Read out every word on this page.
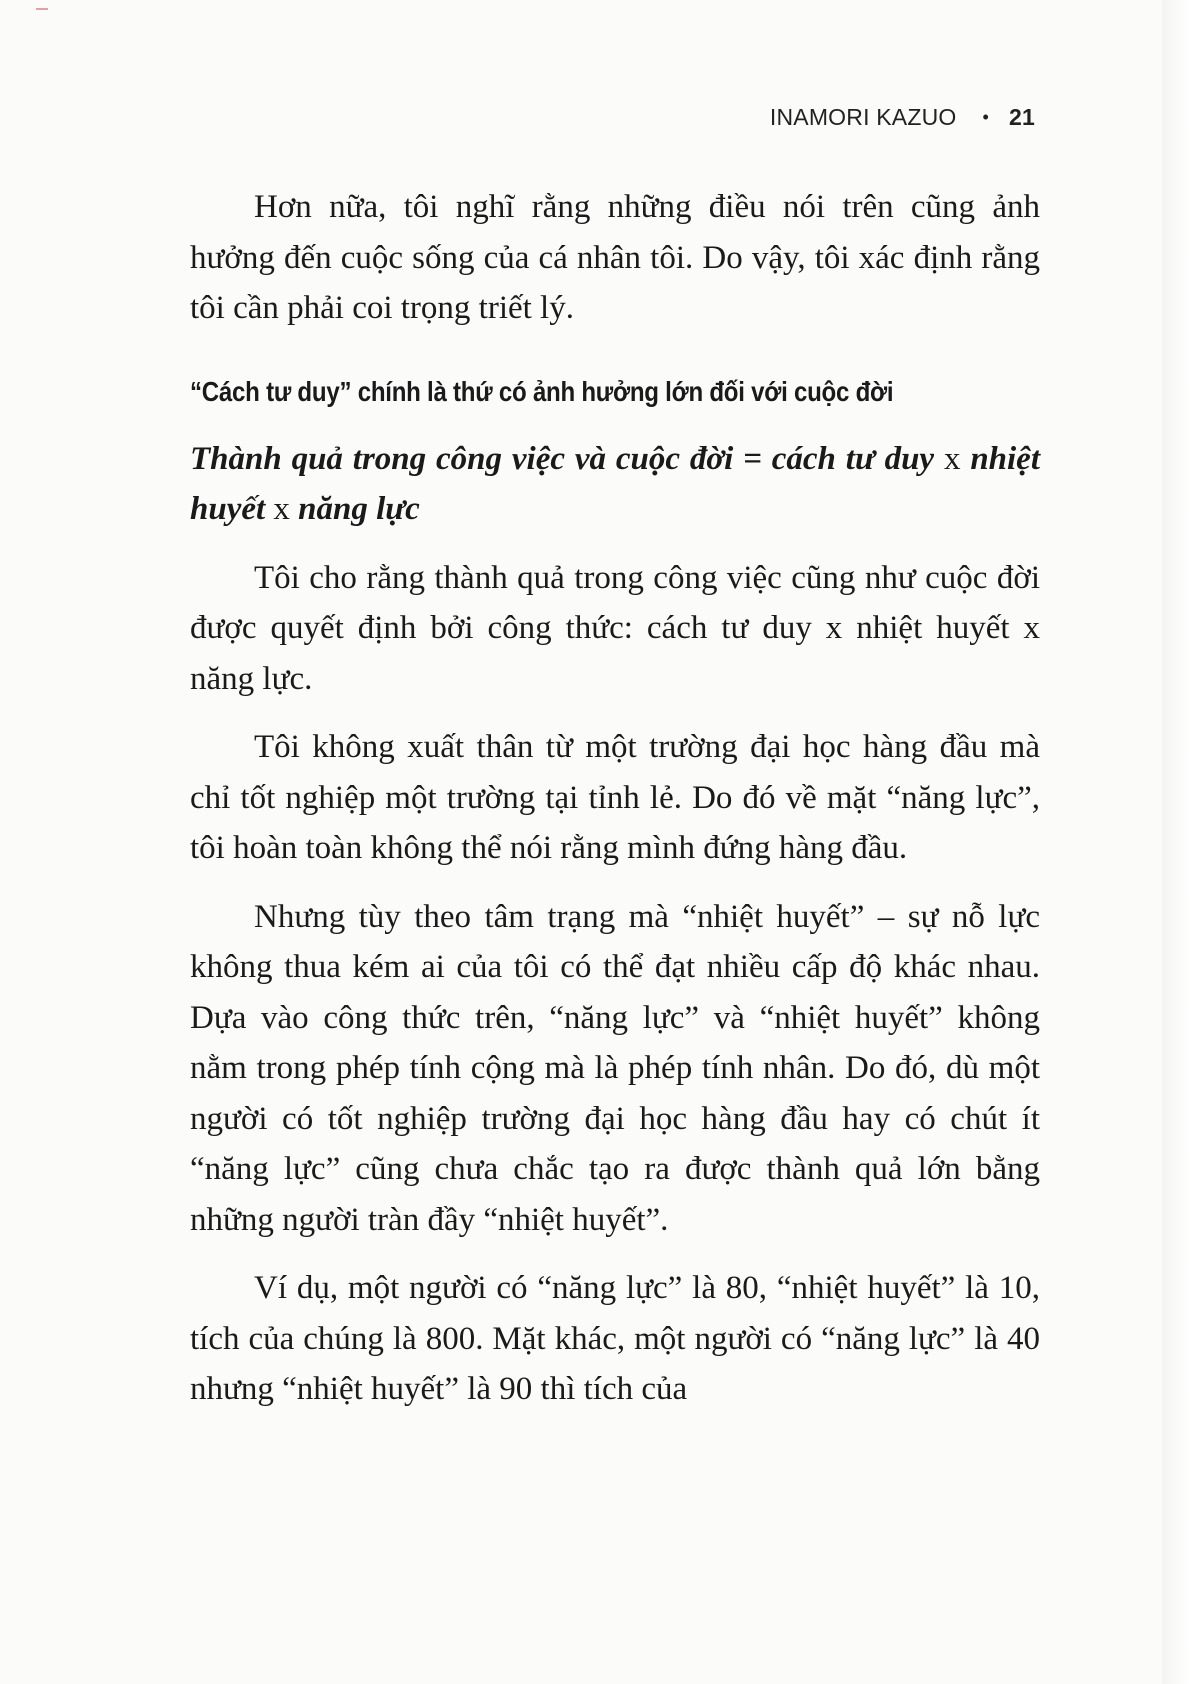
INAMORI KAZUO • 21

Hơn nữa, tôi nghĩ rằng những điều nói trên cũng ảnh hưởng đến cuộc sống của cá nhân tôi. Do vậy, tôi xác định rằng tôi cần phải coi trọng triết lý.

“Cách tư duy” chính là thứ có ảnh hưởng lớn đối với cuộc đời
Thành quả trong công việc và cuộc đời = cách tư duy x nhiệt huyết x năng lực

Tôi cho rằng thành quả trong công việc cũng như cuộc đời được quyết định bởi công thức: cách tư duy x nhiệt huyết x năng lực.

Tôi không xuất thân từ một trường đại học hàng đầu mà chỉ tốt nghiệp một trường tại tỉnh lẻ. Do đó về mặt “năng lực”, tôi hoàn toàn không thể nói rằng mình đứng hàng đầu.

Nhưng tùy theo tâm trạng mà “nhiệt huyết” – sự nỗ lực không thua kém ai của tôi có thể đạt nhiều cấp độ khác nhau. Dựa vào công thức trên, “năng lực” và “nhiệt huyết” không nằm trong phép tính cộng mà là phép tính nhân. Do đó, dù một người có tốt nghiệp trường đại học hàng đầu hay có chút ít “năng lực” cũng chưa chắc tạo ra được thành quả lớn bằng những người tràn đầy “nhiệt huyết”.

Ví dụ, một người có “năng lực” là 80, “nhiệt huyết” là 10, tích của chúng là 800. Mặt khác, một người có “năng lực” là 40 nhưng “nhiệt huyết” là 90 thì tích của
